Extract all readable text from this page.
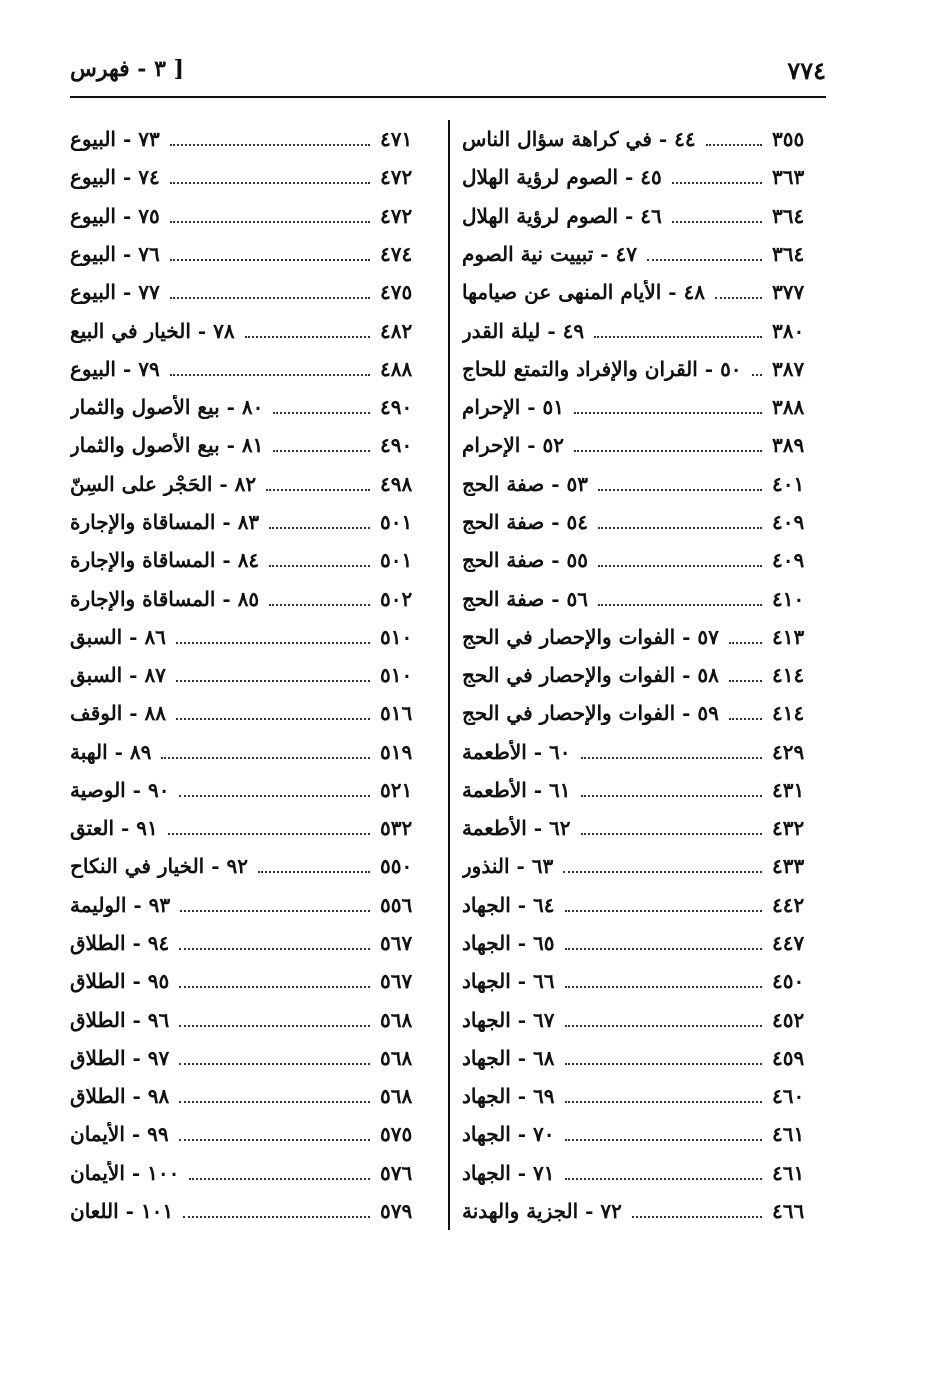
٧٧٤
[ ٣ - فهرس
٤٤ - في كراهة سؤال الناس	٣٥٥
٤٥ - الصوم لرؤية الهلال	٣٦٣
٤٦ - الصوم لرؤية الهلال	٣٦٤
٤٧ - تبييت نية الصوم	٣٦٤
٤٨ - الأيام المنهى عن صيامها	٣٧٧
٤٩ - ليلة القدر	٣٨٠
٥٠ - القران والإفراد والتمتع للحاج ٣٨٧
٥١ - الإحرام	٣٨٨
٥٢ - الإحرام	٣٨٩
٥٣ - صفة الحج	٤٠١
٥٤ - صفة الحج	٤٠٩
٥٥ - صفة الحج	٤٠٩
٥٦ - صفة الحج	٤١٠
٥٧ - الفوات والإحصار في الحج	٤١٣
٥٨ - الفوات والإحصار في الحج	٤١٤
٥٩ - الفوات والإحصار في الحج	٤١٤
٦٠ - الأطعمة	٤٢٩
٦١ - الأطعمة	٤٣١
٦٢ - الأطعمة	٤٣٢
٦٣ - النذور	٤٣٣
٦٤ - الجهاد	٤٤٢
٦٥ - الجهاد	٤٤٧
٦٦ - الجهاد	٤٥٠
٦٧ - الجهاد	٤٥٢
٦٨ - الجهاد	٤٥٩
٦٩ - الجهاد	٤٦٠
٧٠ - الجهاد	٤٦١
٧١ - الجهاد	٤٦١
٧٢ - الجزية والهدنة	٤٦٦
٧٣ - البيوع	٤٧١
٧٤ - البيوع	٤٧٢
٧٥ - البيوع	٤٧٢
٧٦ - البيوع	٤٧٤
٧٧ - البيوع	٤٧٥
٧٨ - الخيار في البيع	٤٨٢
٧٩ - البيوع	٤٨٨
٨٠ - بيع الأصول والثمار	٤٩٠
٨١ - بيع الأصول والثمار	٤٩٠
٨٢ - الحَجْر على السِنّ	٤٩٨
٨٣ - المساقاة والإجارة	٥٠١
٨٤ - المساقاة والإجارة	٥٠١
٨٥ - المساقاة والإجارة	٥٠٢
٨٦ - السبق	٥١٠
٨٧ - السبق	٥١٠
٨٨ - الوقف	٥١٦
٨٩ - الهبة	٥١٩
٩٠ - الوصية	٥٢١
٩١ - العتق	٥٣٢
٩٢ - الخيار في النكاح	٥٥٠
٩٣ - الوليمة	٥٥٦
٩٤ - الطلاق	٥٦٧
٩٥ - الطلاق	٥٦٧
٩٦ - الطلاق	٥٦٨
٩٧ - الطلاق	٥٦٨
٩٨ - الطلاق	٥٦٨
٩٩ - الأيمان	٥٧٥
١٠٠ - الأيمان	٥٧٦
١٠١ - اللعان	٥٧٩
